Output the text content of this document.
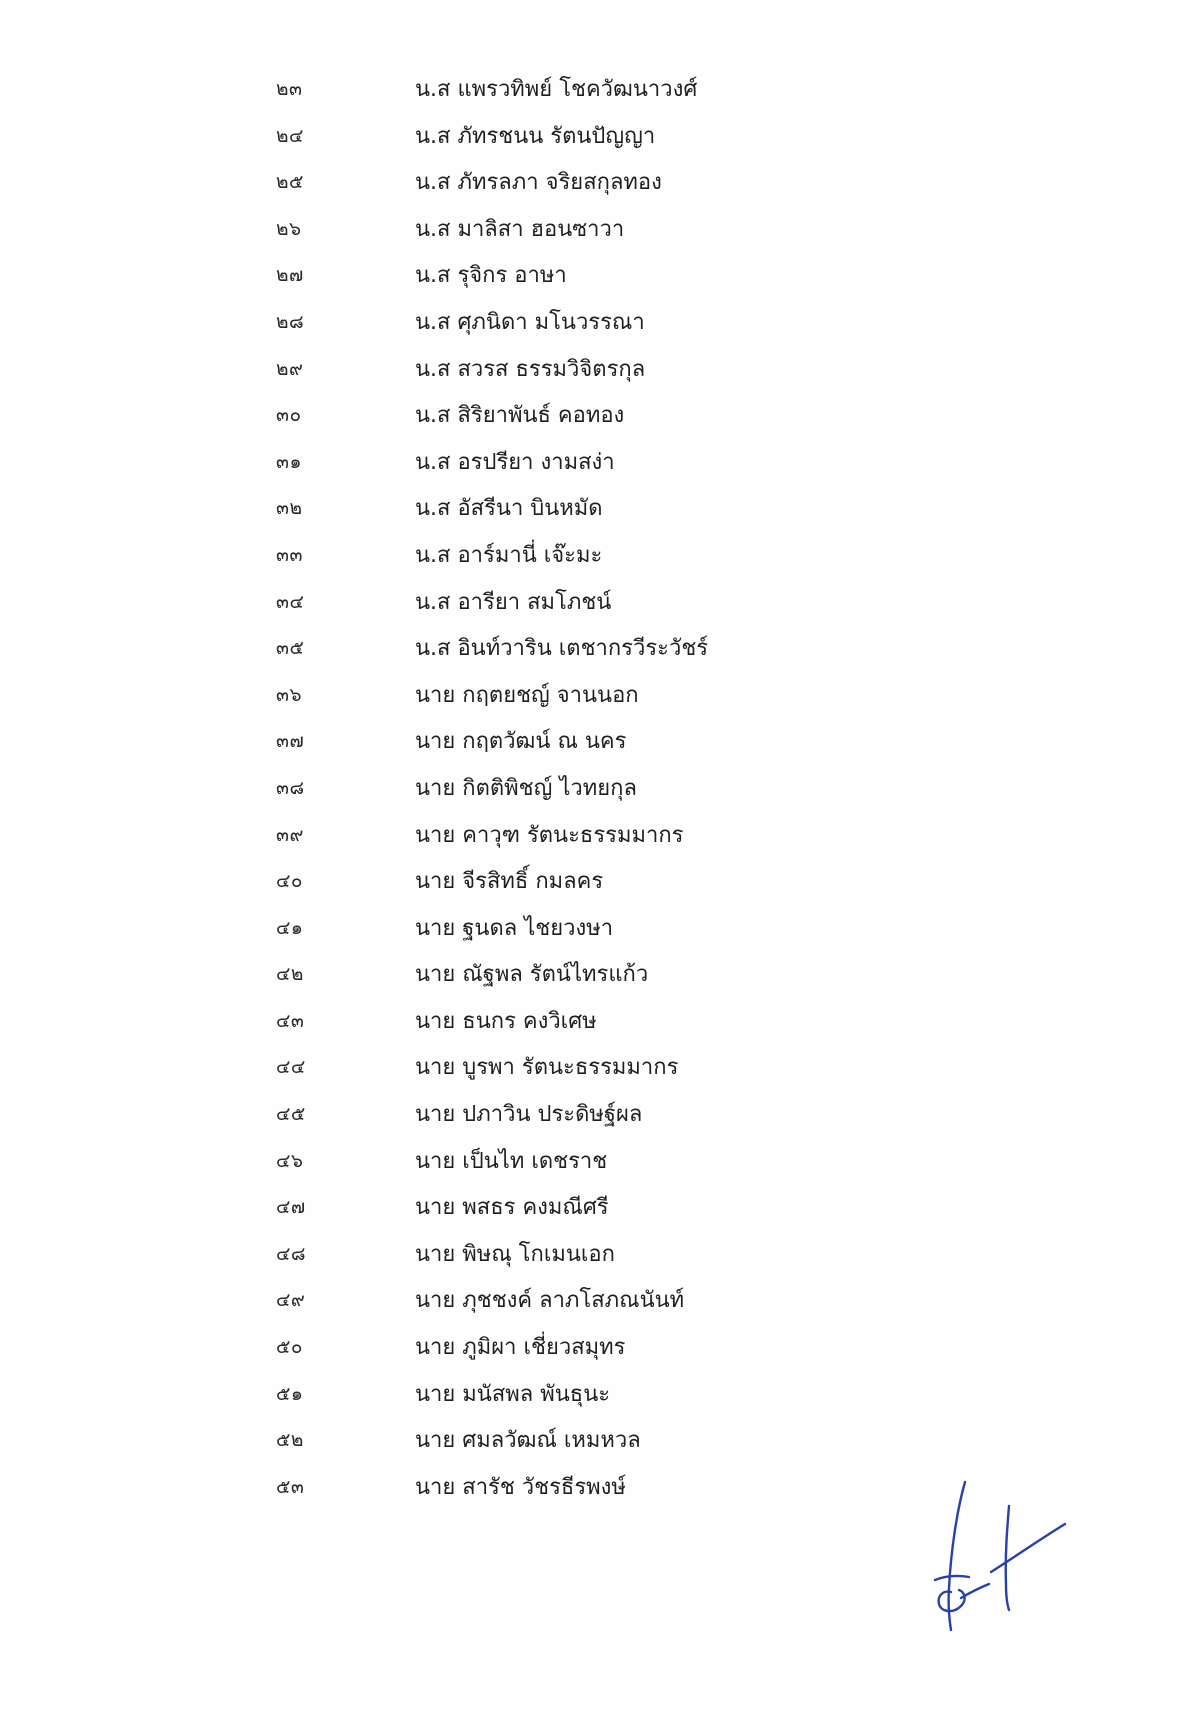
๒๓	น.ส แพรวทิพย์ โชควัฒนาวงศ์
๒๔	น.ส ภัทรชนน รัตนปัญญา
๒๕	น.ส ภัทรลภา จริยสกุลทอง
๒๖	น.ส มาลิสา ฮอนซาวา
๒๗	น.ส รุจิกร อาษา
๒๘	น.ส ศุภนิดา มโนวรรณา
๒๙	น.ส สวรส ธรรมวิจิตรกุล
๓๐	น.ส สิริยาพันธ์ คอทอง
๓๑	น.ส อรปรียา งามสง่า
๓๒	น.ส อัสรีนา บินหมัด
๓๓	น.ส อาร์มานี่ เจ๊ะมะ
๓๔	น.ส อารียา สมโภชน์
๓๕	น.ส อินท์วาริน เตชากรวีระวัชร์
๓๖	นาย กฤตยชญ์ จานนอก
๓๗	นาย กฤตวัฒน์ ณ นคร
๓๘	นาย กิตติพิชญ์ ไวทยกุล
๓๙	นาย คาวุฑ รัตนะธรรมมากร
๔๐	นาย จีรสิทธิ์ กมลคร
๔๑	นาย ฐนดล ไชยวงษา
๔๒	นาย ณัฐพล รัตน์ไทรแก้ว
๔๓	นาย ธนกร คงวิเศษ
๔๔	นาย บูรพา รัตนะธรรมมากร
๔๕	นาย ปภาวิน ประดิษฐ์ผล
๔๖	นาย เป็นไท เดชราช
๔๗	นาย พสธร คงมณีศรี
๔๘	นาย พิษณุ โกเมนเอก
๔๙	นาย ภุชชงค์ ลาภโสภณนันท์
๕๐	นาย ภูมิผา เชี่ยวสมุทร
๕๑	นาย มนัสพล พันธุนะ
๕๒	นาย ศมลวัฒณ์ เหมหวล
๕๓	นาย สารัช วัชรธีรพงษ์
